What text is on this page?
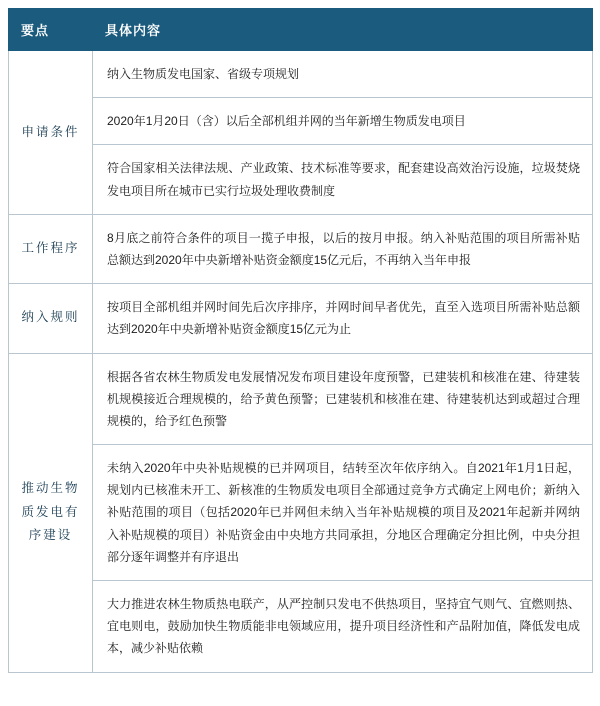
要点	具体内容
申请条件	纳入生物质发电国家、省级专项规划
	2020年1月20日（含）以后全部机组并网的当年新增生物质发电项目
	符合国家相关法律法规、产业政策、技术标准等要求，配套建设高效治污设施，垃圾焚烧发电项目所在城市已实行垃圾处理收费制度
工作程序	8月底之前符合条件的项目一揽子申报，以后的按月申报。纳入补贴范围的项目所需补贴总额达到2020年中央新增补贴资金额度15亿元后，不再纳入当年申报
纳入规则	按项目全部机组并网时间先后次序排序，并网时间早者优先，直至入选项目所需补贴总额达到2020年中央新增补贴资金额度15亿元为止
推动生物质发电有序建设	根据各省农林生物质发电发展情况发布项目建设年度预警，已建装机和核准在建、待建装机规模接近合理规模的，给予黄色预警；已建装机和核准在建、待建装机达到或超过合理规模的，给予红色预警
	未纳入2020年中央补贴规模的已并网项目，结转至次年依序纳入。自2021年1月1日起，规划内已核准未开工、新核准的生物质发电项目全部通过竞争方式确定上网电价；新纳入补贴范围的项目（包括2020年已并网但未纳入当年补贴规模的项目及2021年起新并网纳入补贴规模的项目）补贴资金由中央地方共同承担，分地区合理确定分担比例，中央分担部分逐年调整并有序退出
	大力推进农林生物质热电联产，从严控制只发电不供热项目，坚持宜气则气、宜燃则热、宜电则电，鼓励加快生物质能非电领域应用，提升项目经济性和产品附加值，降低发电成本，减少补贴依赖
